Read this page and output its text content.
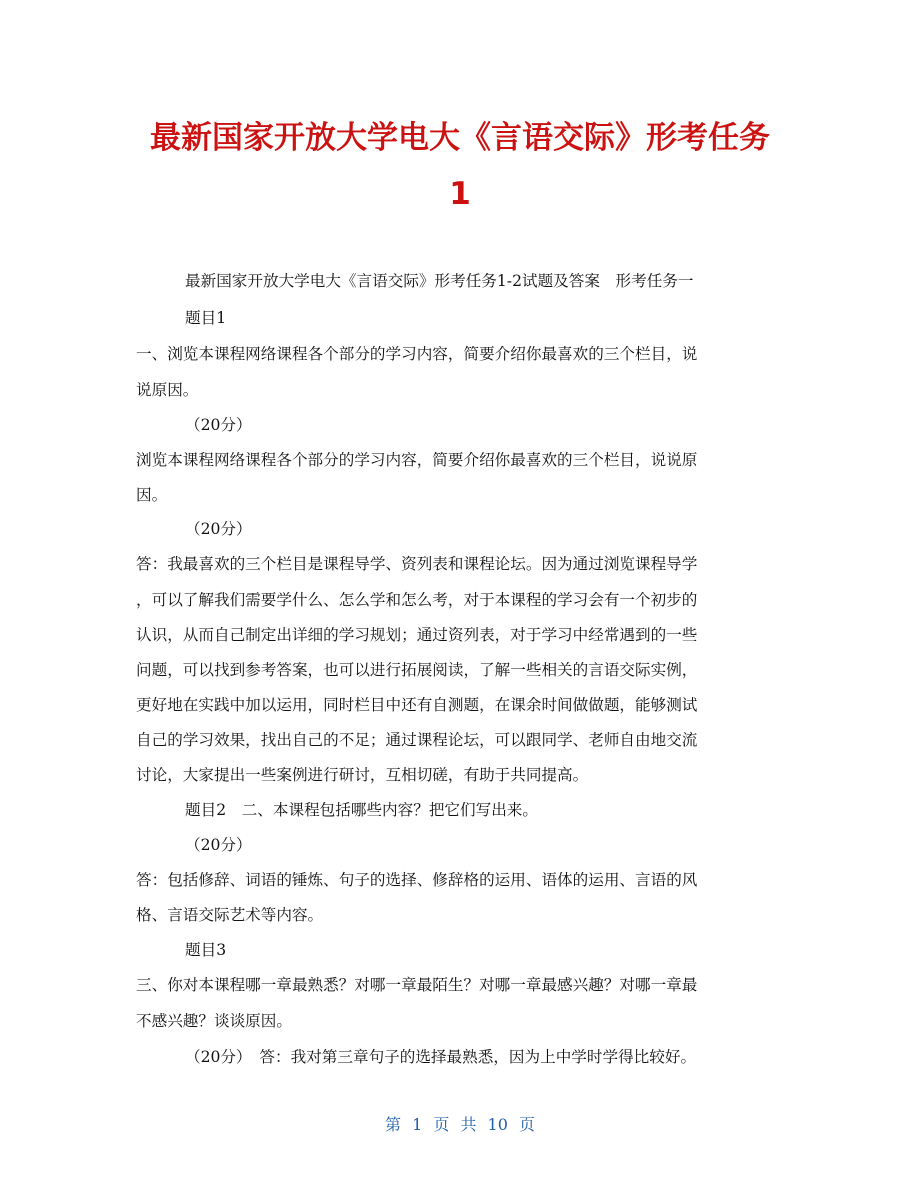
最新国家开放大学电大《言语交际》形考任务
1
最新国家开放大学电大《言语交际》形考任务1-2试题及答案　形考任务一
题目1
一、浏览本课程网络课程各个部分的学习内容，简要介绍你最喜欢的三个栏目，说
说原因。
（20分）
浏览本课程网络课程各个部分的学习内容，简要介绍你最喜欢的三个栏目，说说原
因。
（20分）
答：我最喜欢的三个栏目是课程导学、资列表和课程论坛。因为通过浏览课程导学
，可以了解我们需要学什么、怎么学和怎么考，对于本课程的学习会有一个初步的
认识，从而自己制定出详细的学习规划；通过资列表，对于学习中经常遇到的一些
问题，可以找到参考答案，也可以进行拓展阅读，了解一些相关的言语交际实例，
更好地在实践中加以运用，同时栏目中还有自测题，在课余时间做做题，能够测试
自己的学习效果，找出自己的不足；通过课程论坛，可以跟同学、老师自由地交流
讨论，大家提出一些案例进行研讨，互相切磋，有助于共同提高。
题目2　二、本课程包括哪些内容？把它们写出来。
（20分）
答：包括修辞、词语的锤炼、句子的选择、修辞格的运用、语体的运用、言语的风
格、言语交际艺术等内容。
题目3
三、你对本课程哪一章最熟悉？对哪一章最陌生？对哪一章最感兴趣？对哪一章最
不感兴趣？谈谈原因。
（20分）　答：我对第三章句子的选择最熟悉，因为上中学时学得比较好。
第 1 页 共 10 页
